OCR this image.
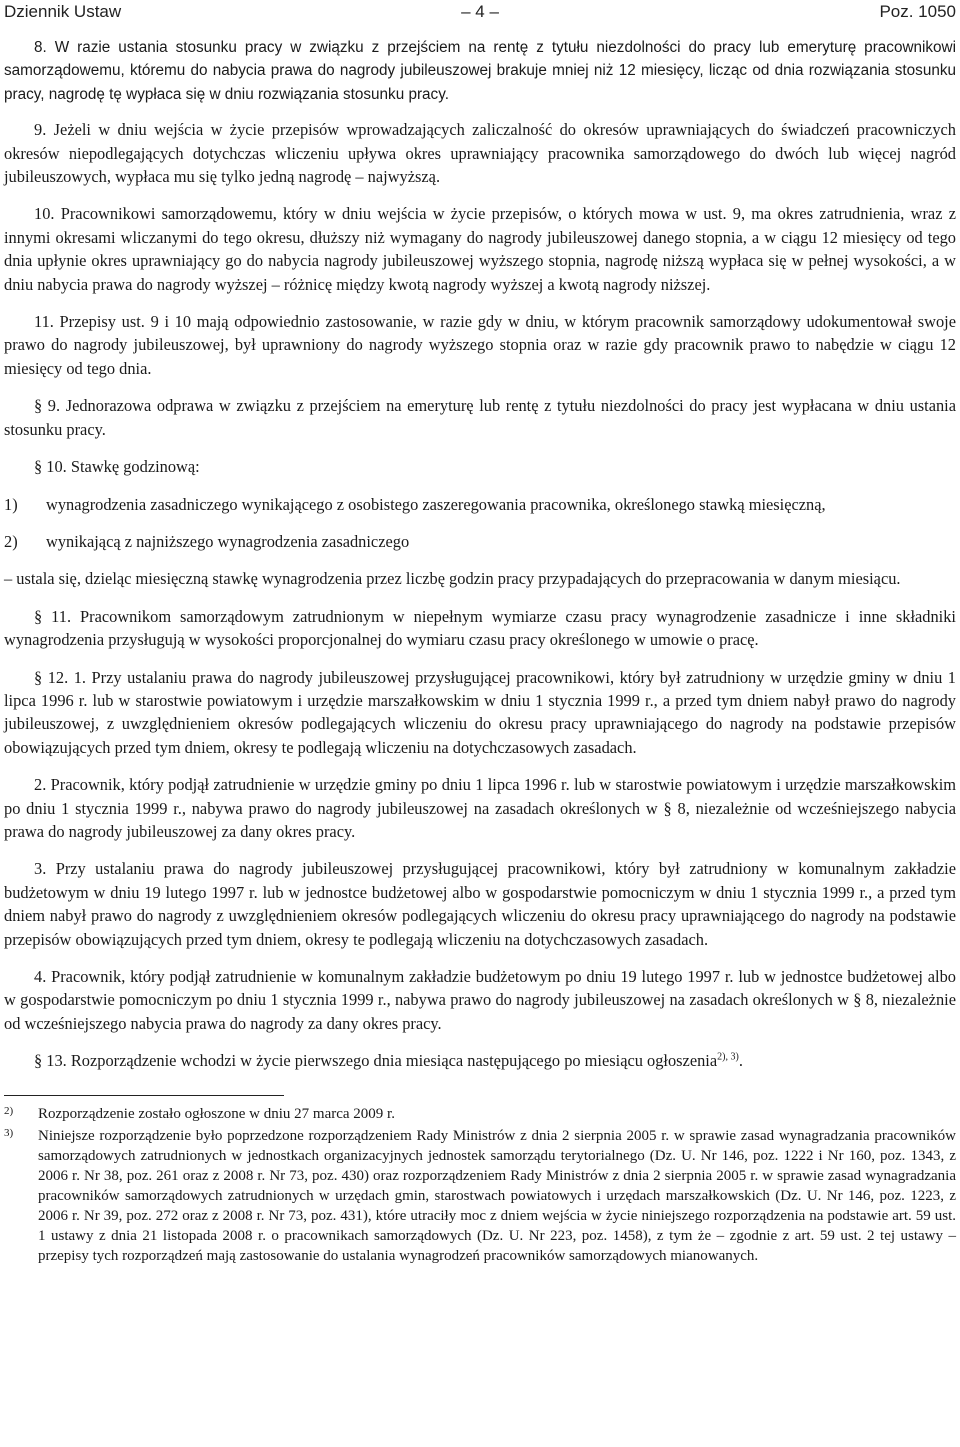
Dziennik Ustaw	– 4 –	Poz. 1050

8. W razie ustania stosunku pracy w związku z przejściem na rentę z tytułu niezdolności do pracy lub emeryturę pracownikowi samorządowemu, któremu do nabycia prawa do nagrody jubileuszowej brakuje mniej niż 12 miesięcy, licząc od dnia rozwiązania stosunku pracy, nagrodę tę wypłaca się w dniu rozwiązania stosunku pracy.

9. Jeżeli w dniu wejścia w życie przepisów wprowadzających zaliczalność do okresów uprawniających do świadczeń pracowniczych okresów niepodlegających dotychczas wliczeniu upływa okres uprawniający pracownika samorządowego do dwóch lub więcej nagród jubileuszowych, wypłaca mu się tylko jedną nagrodę – najwyższą.

10. Pracownikowi samorządowemu, który w dniu wejścia w życie przepisów, o których mowa w ust. 9, ma okres zatrudnienia, wraz z innymi okresami wliczanymi do tego okresu, dłuższy niż wymagany do nagrody jubileuszowej danego stopnia, a w ciągu 12 miesięcy od tego dnia upłynie okres uprawniający go do nabycia nagrody jubileuszowej wyższego stopnia, nagrodę niższą wypłaca się w pełnej wysokości, a w dniu nabycia prawa do nagrody wyższej – różnicę między kwotą nagrody wyższej a kwotą nagrody niższej.

11. Przepisy ust. 9 i 10 mają odpowiednio zastosowanie, w razie gdy w dniu, w którym pracownik samorządowy udokumentował swoje prawo do nagrody jubileuszowej, był uprawniony do nagrody wyższego stopnia oraz w razie gdy pracownik prawo to nabędzie w ciągu 12 miesięcy od tego dnia.

§ 9. Jednorazowa odprawa w związku z przejściem na emeryturę lub rentę z tytułu niezdolności do pracy jest wypłacana w dniu ustania stosunku pracy.

§ 10. Stawkę godzinową:

1)	wynagrodzenia zasadniczego wynikającego z osobistego zaszeregowania pracownika, określonego stawką miesięczną,
2)	wynikającą z najniższego wynagrodzenia zasadniczego

– ustala się, dzieląc miesięczną stawkę wynagrodzenia przez liczbę godzin pracy przypadających do przepracowania w danym miesiącu.

§ 11. Pracownikom samorządowym zatrudnionym w niepełnym wymiarze czasu pracy wynagrodzenie zasadnicze i inne składniki wynagrodzenia przysługują w wysokości proporcjonalnej do wymiaru czasu pracy określonego w umowie o pracę.

§ 12. 1. Przy ustalaniu prawa do nagrody jubileuszowej przysługującej pracownikowi, który był zatrudniony w urzędzie gminy w dniu 1 lipca 1996 r. lub w starostwie powiatowym i urzędzie marszałkowskim w dniu 1 stycznia 1999 r., a przed tym dniem nabył prawo do nagrody jubileuszowej, z uwzględnieniem okresów podlegających wliczeniu do okresu pracy uprawniającego do nagrody na podstawie przepisów obowiązujących przed tym dniem, okresy te podlegają wliczeniu na dotychczasowych zasadach.

2. Pracownik, który podjął zatrudnienie w urzędzie gminy po dniu 1 lipca 1996 r. lub w starostwie powiatowym i urzędzie marszałkowskim po dniu 1 stycznia 1999 r., nabywa prawo do nagrody jubileuszowej na zasadach określonych w § 8, niezależnie od wcześniejszego nabycia prawa do nagrody jubileuszowej za dany okres pracy.

3. Przy ustalaniu prawa do nagrody jubileuszowej przysługującej pracownikowi, który był zatrudniony w komunalnym zakładzie budżetowym w dniu 19 lutego 1997 r. lub w jednostce budżetowej albo w gospodarstwie pomocniczym w dniu 1 stycznia 1999 r., a przed tym dniem nabył prawo do nagrody z uwzględnieniem okresów podlegających wliczeniu do okresu pracy uprawniającego do nagrody na podstawie przepisów obowiązujących przed tym dniem, okresy te podlegają wliczeniu na dotychczasowych zasadach.

4. Pracownik, który podjął zatrudnienie w komunalnym zakładzie budżetowym po dniu 19 lutego 1997 r. lub w jednostce budżetowej albo w gospodarstwie pomocniczym po dniu 1 stycznia 1999 r., nabywa prawo do nagrody jubileuszowej na zasadach określonych w § 8, niezależnie od wcześniejszego nabycia prawa do nagrody za dany okres pracy.

§ 13. Rozporządzenie wchodzi w życie pierwszego dnia miesiąca następującego po miesiącu ogłoszenia$^{2), 3)}$.

2)	Rozporządzenie zostało ogłoszone w dniu 27 marca 2009 r.
3)	Niniejsze rozporządzenie było poprzedzone rozporządzeniem Rady Ministrów z dnia 2 sierpnia 2005 r. w sprawie zasad wynagradzania pracowników samorządowych zatrudnionych w jednostkach organizacyjnych jednostek samorządu terytorialnego (Dz. U. Nr 146, poz. 1222 i Nr 160, poz. 1343, z 2006 r. Nr 38, poz. 261 oraz z 2008 r. Nr 73, poz. 430) oraz rozporządzeniem Rady Ministrów z dnia 2 sierpnia 2005 r. w sprawie zasad wynagradzania pracowników samorządowych zatrudnionych w urzędach gmin, starostwach powiatowych i urzędach marszałkowskich (Dz. U. Nr 146, poz. 1223, z 2006 r. Nr 39, poz. 272 oraz z 2008 r. Nr 73, poz. 431), które utraciły moc z dniem wejścia w życie niniejszego rozporządzenia na podstawie art. 59 ust. 1 ustawy z dnia 21 listopada 2008 r. o pracownikach samorządowych (Dz. U. Nr 223, poz. 1458), z tym że – zgodnie z art. 59 ust. 2 tej ustawy – przepisy tych rozporządzeń mają zastosowanie do ustalania wynagrodzeń pracowników samorządowych mianowanych.
